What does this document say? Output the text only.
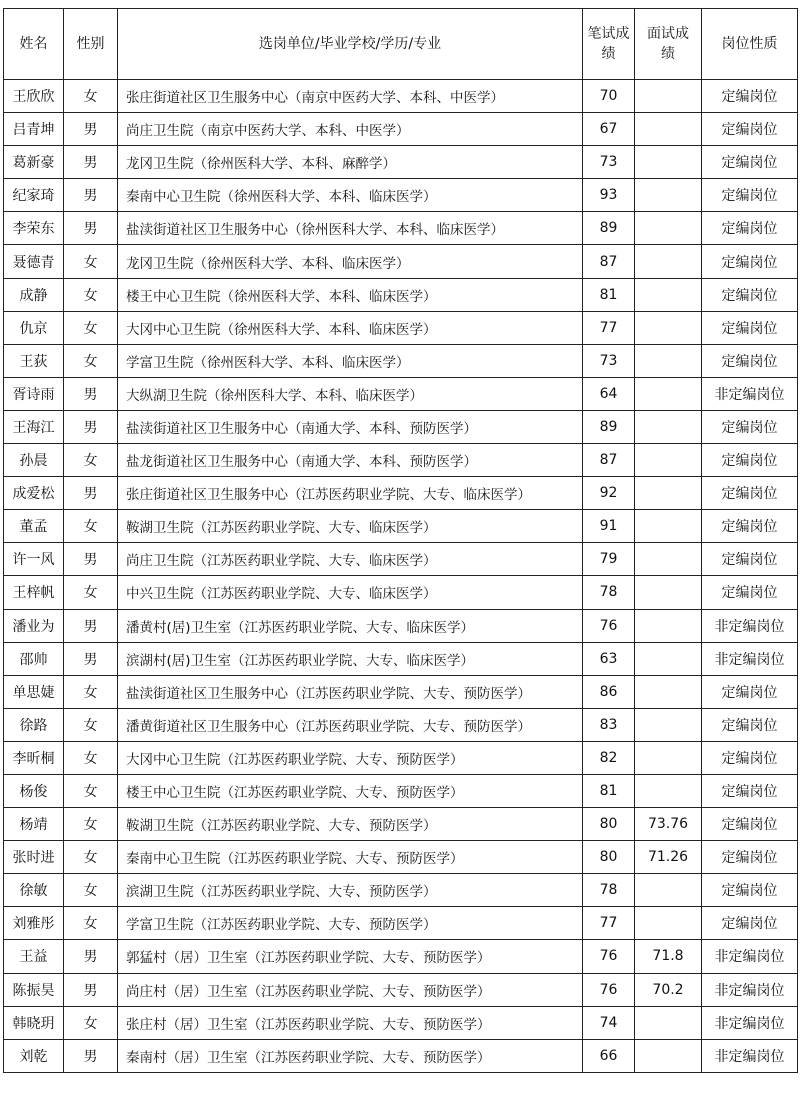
姓名	性别	选岗单位/毕业学校/学历/专业	笔试成绩	面试成绩	岗位性质
王欣欣	女	张庄街道社区卫生服务中心（南京中医药大学、本科、中医学）	70		定编岗位
吕青坤	男	尚庄卫生院（南京中医药大学、本科、中医学）	67		定编岗位
葛新豪	男	龙冈卫生院（徐州医科大学、本科、麻醉学）	73		定编岗位
纪家琦	男	秦南中心卫生院（徐州医科大学、本科、临床医学）	93		定编岗位
李荣东	男	盐渎街道社区卫生服务中心（徐州医科大学、本科、临床医学）	89		定编岗位
聂德青	女	龙冈卫生院（徐州医科大学、本科、临床医学）	87		定编岗位
成静	女	楼王中心卫生院（徐州医科大学、本科、临床医学）	81		定编岗位
仇京	女	大冈中心卫生院（徐州医科大学、本科、临床医学）	77		定编岗位
王荻	女	学富卫生院（徐州医科大学、本科、临床医学）	73		定编岗位
胥诗雨	男	大纵湖卫生院（徐州医科大学、本科、临床医学）	64		非定编岗位
王海江	男	盐渎街道社区卫生服务中心（南通大学、本科、预防医学）	89		定编岗位
孙晨	女	盐龙街道社区卫生服务中心（南通大学、本科、预防医学）	87		定编岗位
成爱松	男	张庄街道社区卫生服务中心（江苏医药职业学院、大专、临床医学）	92		定编岗位
董孟	女	鞍湖卫生院（江苏医药职业学院、大专、临床医学）	91		定编岗位
许一风	男	尚庄卫生院（江苏医药职业学院、大专、临床医学）	79		定编岗位
王梓帆	女	中兴卫生院（江苏医药职业学院、大专、临床医学）	78		定编岗位
潘业为	男	潘黄村(居)卫生室（江苏医药职业学院、大专、临床医学）	76		非定编岗位
邵帅	男	滨湖村(居)卫生室（江苏医药职业学院、大专、临床医学）	63		非定编岗位
单思婕	女	盐渎街道社区卫生服务中心（江苏医药职业学院、大专、预防医学）	86		定编岗位
徐路	女	潘黄街道社区卫生服务中心（江苏医药职业学院、大专、预防医学）	83		定编岗位
李昕桐	女	大冈中心卫生院（江苏医药职业学院、大专、预防医学）	82		定编岗位
杨俊	女	楼王中心卫生院（江苏医药职业学院、大专、预防医学）	81		定编岗位
杨靖	女	鞍湖卫生院（江苏医药职业学院、大专、预防医学）	80	73.76	定编岗位
张时进	女	秦南中心卫生院（江苏医药职业学院、大专、预防医学）	80	71.26	定编岗位
徐敏	女	滨湖卫生院（江苏医药职业学院、大专、预防医学）	78		定编岗位
刘雅彤	女	学富卫生院（江苏医药职业学院、大专、预防医学）	77		定编岗位
王益	男	郭猛村（居）卫生室（江苏医药职业学院、大专、预防医学）	76	71.8	非定编岗位
陈振昊	男	尚庄村（居）卫生室（江苏医药职业学院、大专、预防医学）	76	70.2	非定编岗位
韩晓玥	女	张庄村（居）卫生室（江苏医药职业学院、大专、预防医学）	74		非定编岗位
刘乾	男	秦南村（居）卫生室（江苏医药职业学院、大专、预防医学）	66		非定编岗位
